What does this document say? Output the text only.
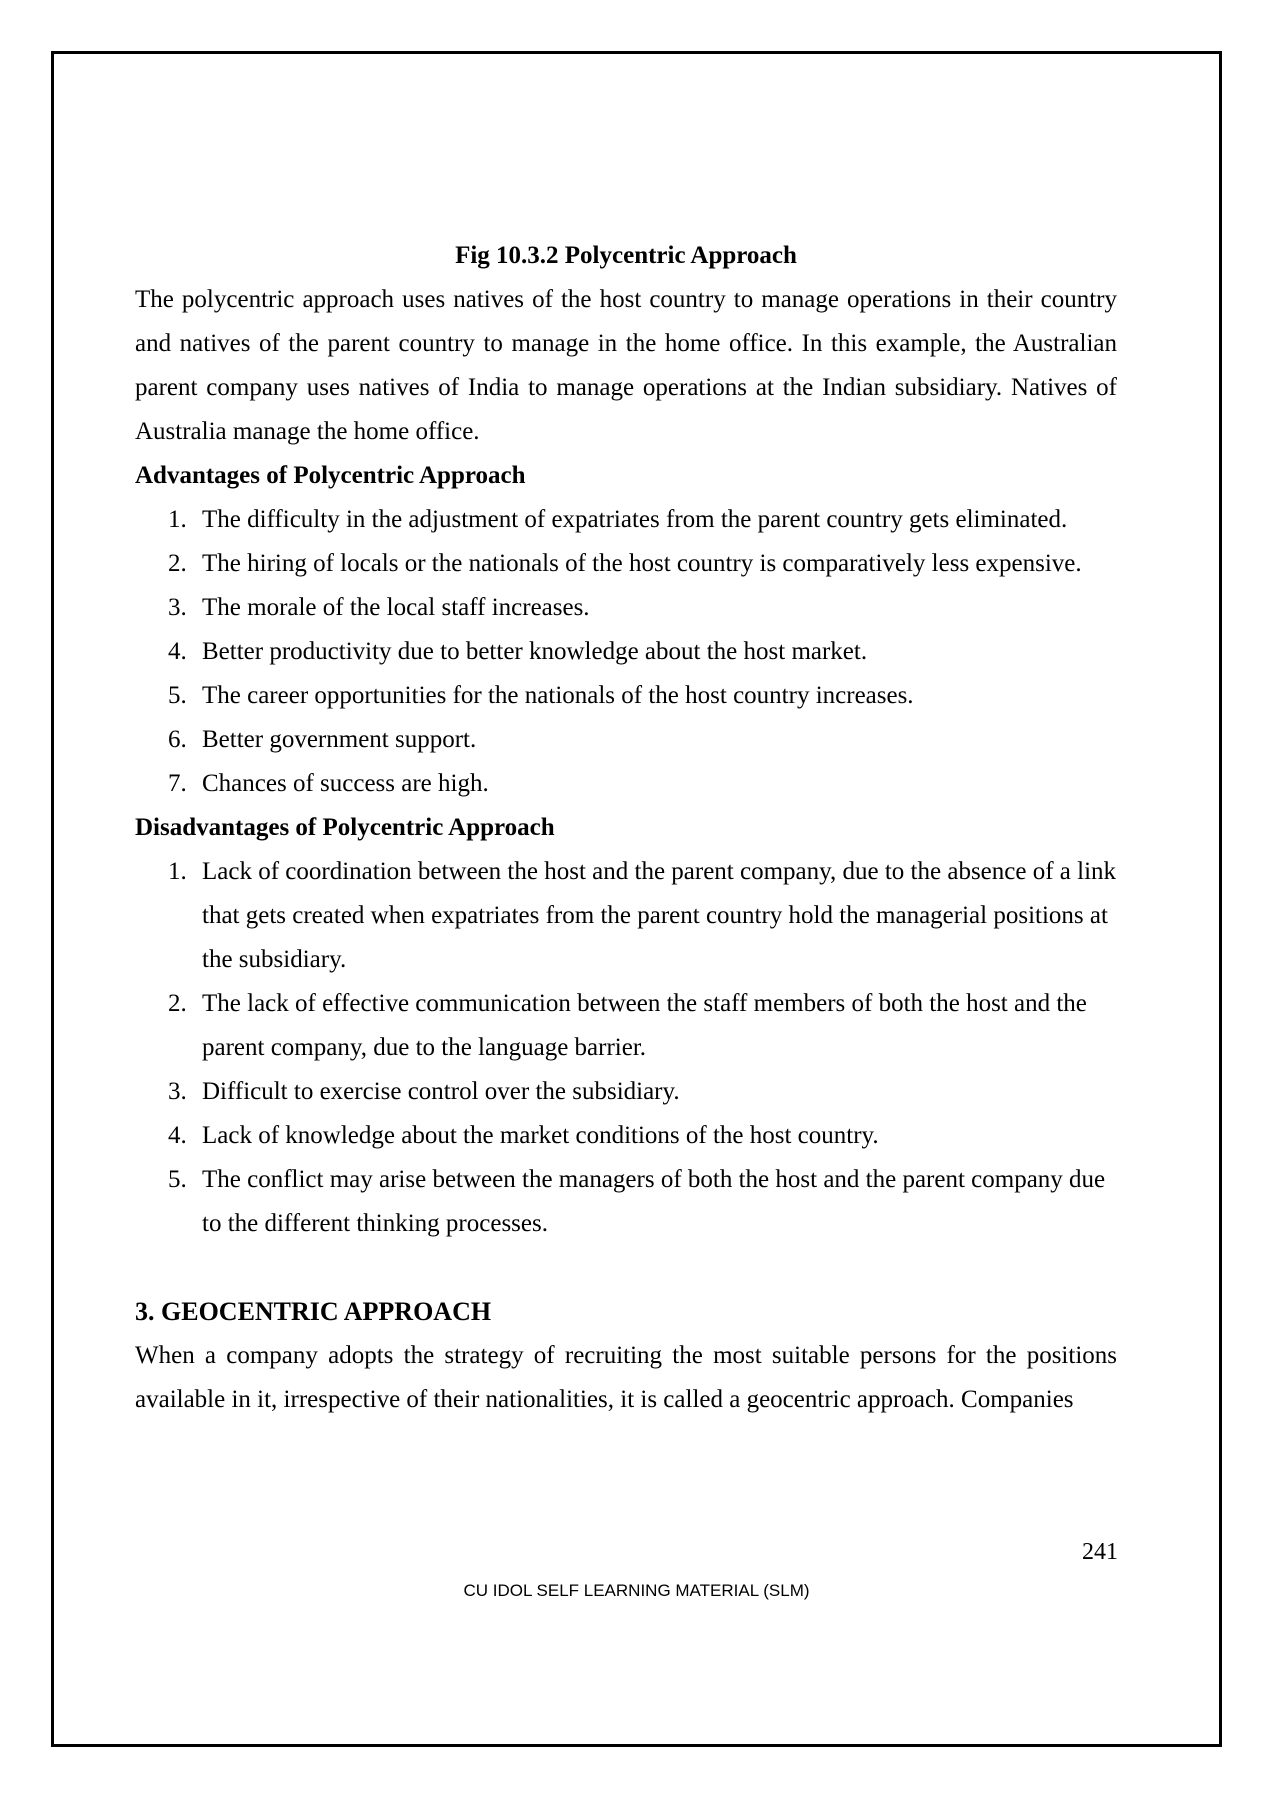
Fig 10.3.2 Polycentric Approach
The polycentric approach uses natives of the host country to manage operations in their country and natives of the parent country to manage in the home office. In this example, the Australian parent company uses natives of India to manage operations at the Indian subsidiary. Natives of Australia manage the home office.
Advantages of Polycentric Approach
1. The difficulty in the adjustment of expatriates from the parent country gets eliminated.
2. The hiring of locals or the nationals of the host country is comparatively less expensive.
3. The morale of the local staff increases.
4. Better productivity due to better knowledge about the host market.
5. The career opportunities for the nationals of the host country increases.
6. Better government support.
7. Chances of success are high.
Disadvantages of Polycentric Approach
1. Lack of coordination between the host and the parent company, due to the absence of a link that gets created when expatriates from the parent country hold the managerial positions at the subsidiary.
2. The lack of effective communication between the staff members of both the host and the parent company, due to the language barrier.
3. Difficult to exercise control over the subsidiary.
4. Lack of knowledge about the market conditions of the host country.
5. The conflict may arise between the managers of both the host and the parent company due to the different thinking processes.
3. GEOCENTRIC APPROACH
When a company adopts the strategy of recruiting the most suitable persons for the positions available in it, irrespective of their nationalities, it is called a geocentric approach. Companies
241
CU IDOL SELF LEARNING MATERIAL (SLM)
